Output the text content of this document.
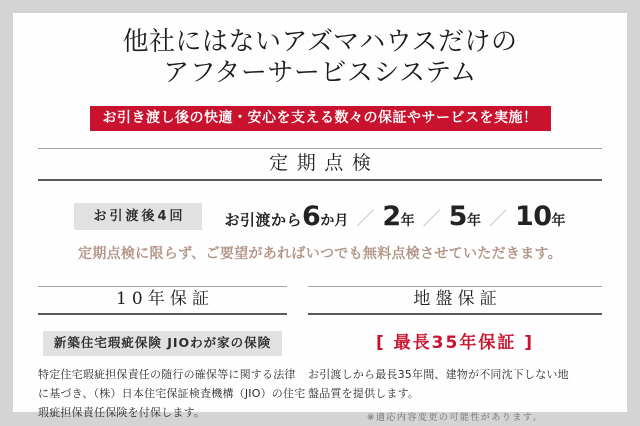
他社にはないアズマハウスだけの
アフターサービスシステム
お引き渡し後の快適・安心を支える数々の保証やサービスを実施！
定期点検
お引渡後4回	お引渡から 6 か月 ／ 2 年 ／ 5 年 ／ 10 年

定期点検に限らず、ご要望があればいつでも無料点検させていただきます。

10年保証
新築住宅瑕疵保険 JIOわが家の保険

特定住宅瑕疵担保責任の随行の確保等に関する法律に基づき、（株）日本住宅保証検査機構（JIO）の住宅瑕疵担保責任保険を付保します。

地盤保証
[ 最長35年保証 ]

お引渡しから最長35年間、建物が不同沈下しない地盤品質を提供します。

※適応内容変更の可能性があります。
